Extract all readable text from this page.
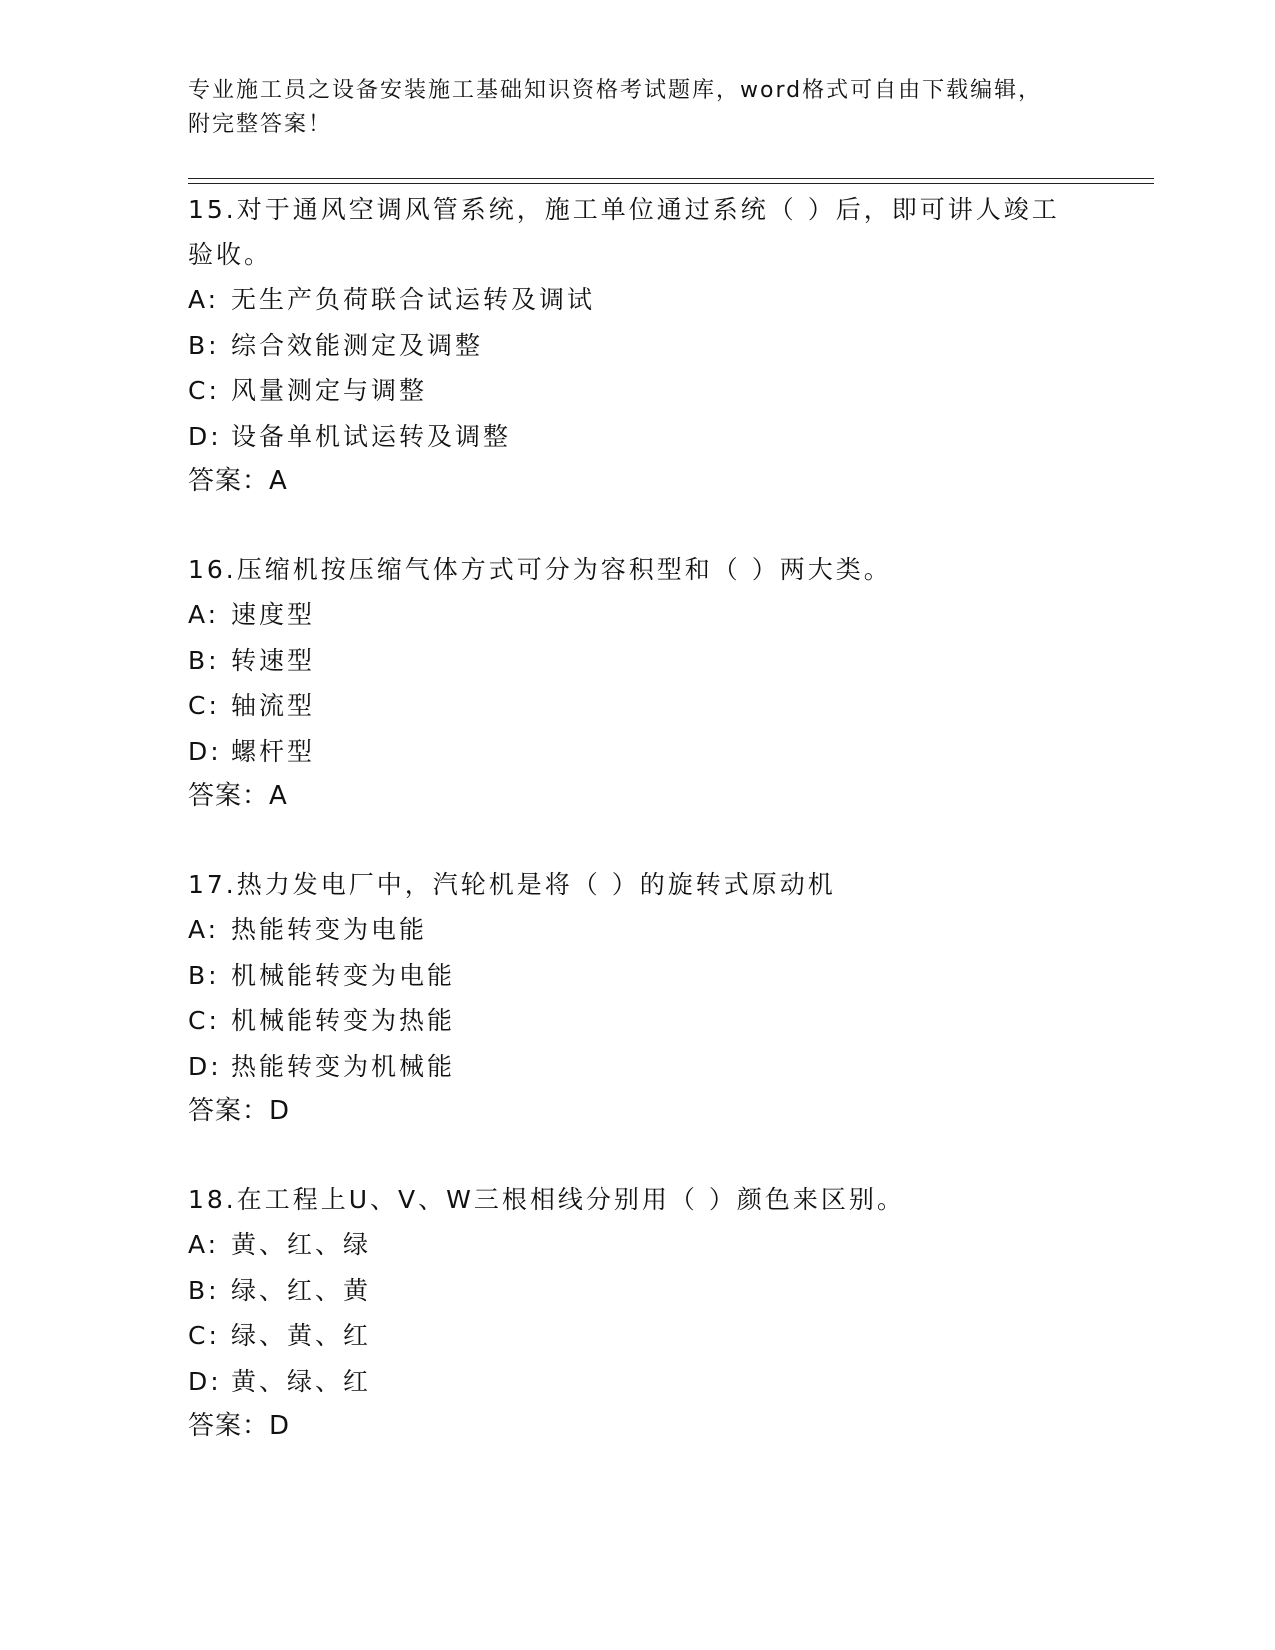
专业施工员之设备安装施工基础知识资格考试题库，word格式可自由下载编辑，
附完整答案！
15.对于通风空调风管系统，施工单位通过系统（ ）后，即可讲人竣工验收。
A: 无生产负荷联合试运转及调试
B: 综合效能测定及调整
C: 风量测定与调整
D: 设备单机试运转及调整
答案：A
16.压缩机按压缩气体方式可分为容积型和（ ）两大类。
A: 速度型
B: 转速型
C: 轴流型
D: 螺杆型
答案：A
17.热力发电厂中，汽轮机是将（ ）的旋转式原动机
A: 热能转变为电能
B: 机械能转变为电能
C: 机械能转变为热能
D: 热能转变为机械能
答案：D
18.在工程上U、V、W三根相线分别用（ ）颜色来区别。
A: 黄、红、绿
B: 绿、红、黄
C: 绿、黄、红
D: 黄、绿、红
答案：D
